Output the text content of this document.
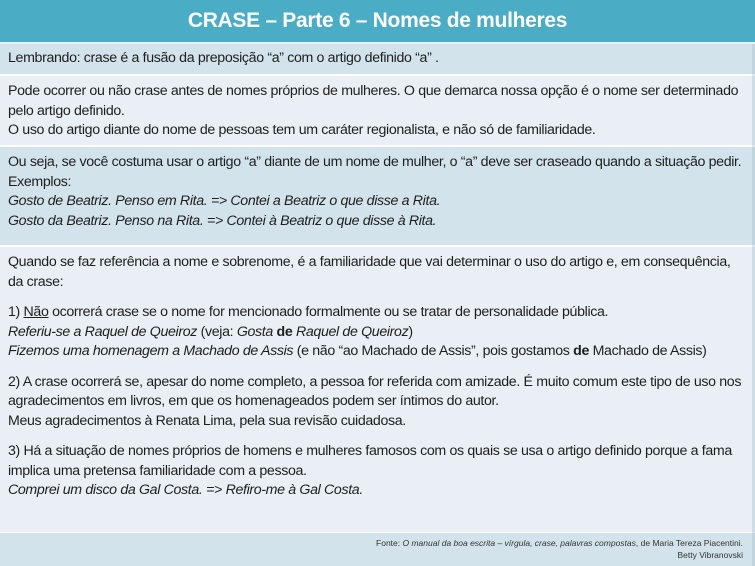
CRASE – Parte 6 – Nomes de mulheres

Lembrando: crase é a fusão da preposição “a” com o artigo definido “a” .

Pode ocorrer ou não crase antes de nomes próprios de mulheres. O que demarca nossa opção é o nome ser determinado pelo artigo definido.

O uso do artigo diante do nome de pessoas tem um caráter regionalista, e não só de familiaridade.

Ou seja, se você costuma usar o artigo “a” diante de um nome de mulher, o “a” deve ser craseado quando a situação pedir. Exemplos:

Gosto de Beatriz. Penso em Rita. => Contei a Beatriz o que disse a Rita.

Gosto da Beatriz. Penso na Rita. => Contei à Beatriz o que disse à Rita.

Quando se faz referência a nome e sobrenome, é a familiaridade que vai determinar o uso do artigo e, em consequência, da crase:

1) Não ocorrerá crase se o nome for mencionado formalmente ou se tratar de personalidade pública.

Referiu-se a Raquel de Queiroz (veja: Gosta de Raquel de Queiroz)

Fizemos uma homenagem a Machado de Assis (e não “ao Machado de Assis”, pois gostamos de Machado de Assis)

2) A crase ocorrerá se, apesar do nome completo, a pessoa for referida com amizade. É muito comum este tipo de uso nos agradecimentos em livros, em que os homenageados podem ser íntimos do autor.

Meus agradecimentos à Renata Lima, pela sua revisão cuidadosa.

3) Há a situação de nomes próprios de homens e mulheres famosos com os quais se usa o artigo definido porque a fama implica uma pretensa familiaridade com a pessoa.

Comprei um disco da Gal Costa. => Refiro-me à Gal Costa.

Fonte: O manual da boa escrita – vírgula, crase, palavras compostas, de Maria Tereza Piacentini.
Betty Vibranovski
